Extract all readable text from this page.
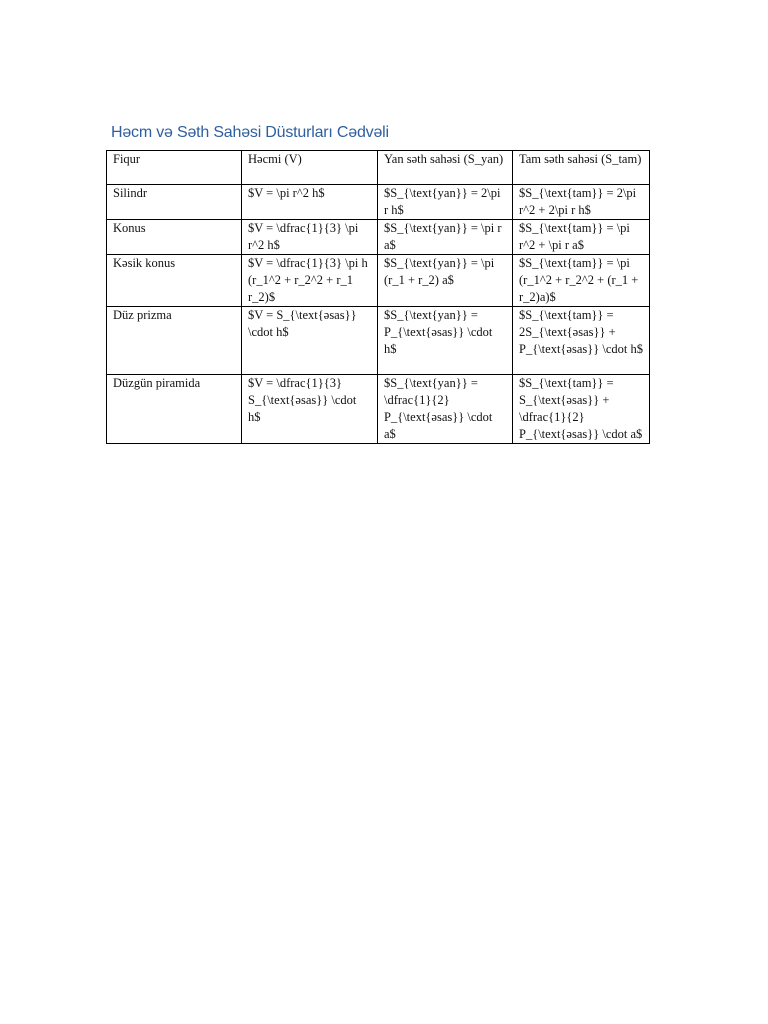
Həcm və Səth Sahəsi Düsturları Cədvəli
Fiqur	Həcmi (V)	Yan səth sahəsi (S_yan)	Tam səth sahəsi (S_tam)
Silindr	$V = \pi r^2 h$	$S_{\text{yan}} = 2\pi r h$	$S_{\text{tam}} = 2\pi r^2 + 2\pi r h$
Konus	$V = \dfrac{1}{3} \pi r^2 h$	$S_{\text{yan}} = \pi r a$	$S_{\text{tam}} = \pi r^2 + \pi r a$
Kəsik konus	$V = \dfrac{1}{3} \pi h (r_1^2 + r_2^2 + r_1 r_2)$	$S_{\text{yan}} = \pi (r_1 + r_2) a$	$S_{\text{tam}} = \pi (r_1^2 + r_2^2 + (r_1 + r_2)a)$
Düz prizma	$V = S_{\text{əsas}} \cdot h$	$S_{\text{yan}} = P_{\text{əsas}} \cdot h$	$S_{\text{tam}} = 2S_{\text{əsas}} + P_{\text{əsas}} \cdot h$
Düzgün piramida	$V = \dfrac{1}{3} S_{\text{əsas}} \cdot h$	$S_{\text{yan}} = \dfrac{1}{2} P_{\text{əsas}} \cdot a$	$S_{\text{tam}} = S_{\text{əsas}} + \dfrac{1}{2} P_{\text{əsas}} \cdot a$
